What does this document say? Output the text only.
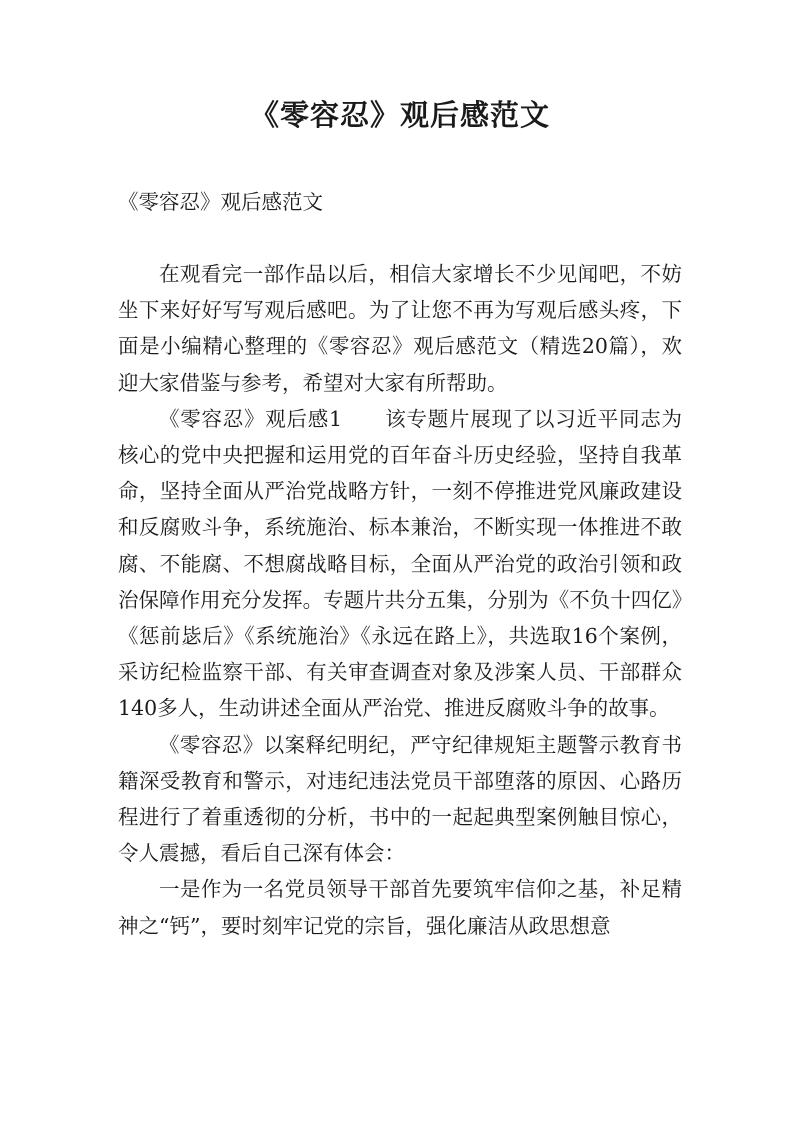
《零容忍》观后感范文

《零容忍》观后感范文

在观看完一部作品以后，相信大家增长不少见闻吧，不妨坐下来好好写写观后感吧。为了让您不再为写观后感头疼，下面是小编精心整理的《零容忍》观后感范文（精选20篇），欢迎大家借鉴与参考，希望对大家有所帮助。

《零容忍》观后感1　　该专题片展现了以习近平同志为核心的党中央把握和运用党的百年奋斗历史经验，坚持自我革命，坚持全面从严治党战略方针，一刻不停推进党风廉政建设和反腐败斗争，系统施治、标本兼治，不断实现一体推进不敢腐、不能腐、不想腐战略目标，全面从严治党的政治引领和政治保障作用充分发挥。专题片共分五集，分别为《不负十四亿》《惩前毖后》《系统施治》《永远在路上》，共选取16个案例，采访纪检监察干部、有关审查调查对象及涉案人员、干部群众140多人，生动讲述全面从严治党、推进反腐败斗争的故事。

《零容忍》以案释纪明纪，严守纪律规矩主题警示教育书籍深受教育和警示，对违纪违法党员干部堕落的原因、心路历程进行了着重透彻的分析，书中的一起起典型案例触目惊心，令人震撼，看后自己深有体会：

一是作为一名党员领导干部首先要筑牢信仰之基，补足精神之“钙”，要时刻牢记党的宗旨，强化廉洁从政思想意
